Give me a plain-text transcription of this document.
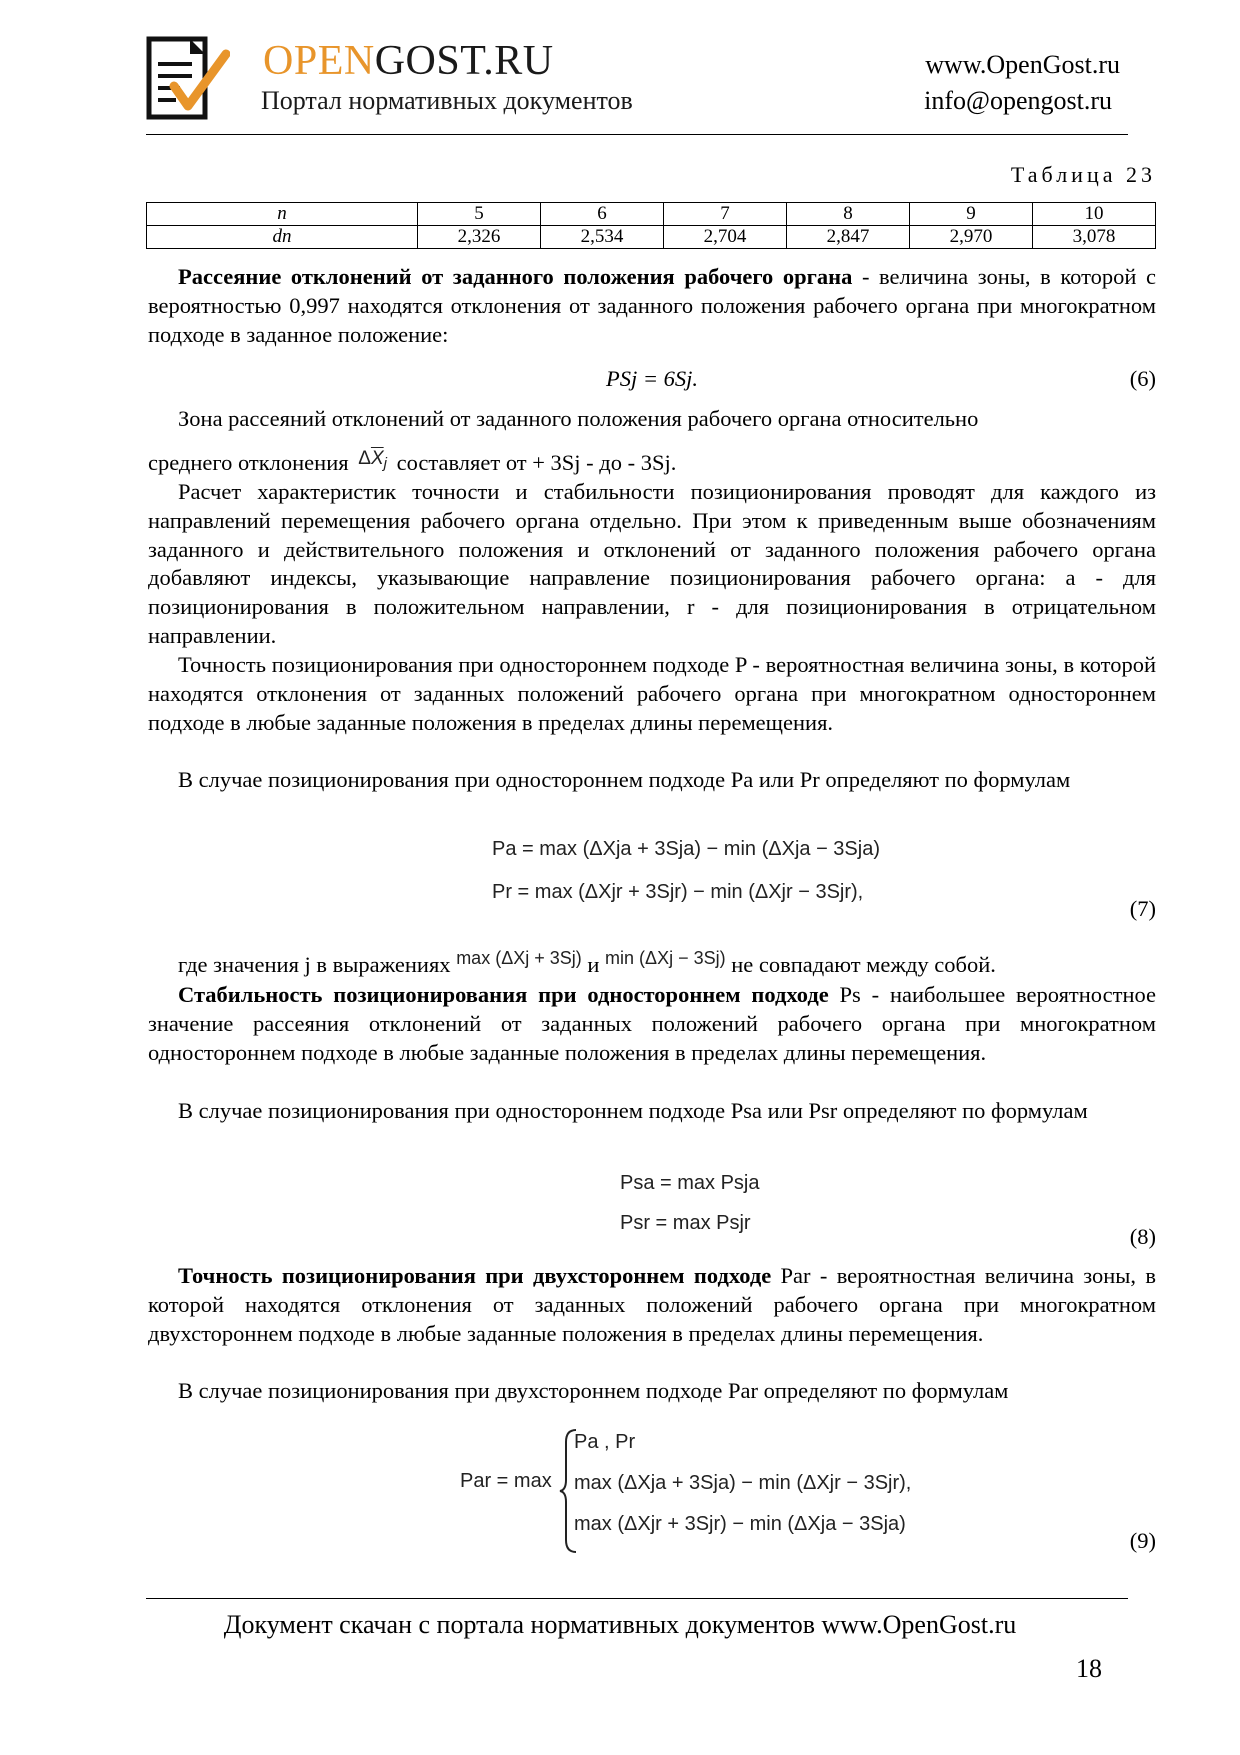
OPENGOST.RU
Портал нормативных документов
www.OpenGost.ru
info@opengost.ru
Таблица 23
n	5	6	7	8	9	10
dn	2,326	2,534	2,704	2,847	2,970	3,078
Рассеяние отклонений от заданного положения рабочего органа - величина зоны, в которой с вероятностью 0,997 находятся отклонения от заданного положения рабочего органа при многократном подходе в заданное положение:
PSj = 6Sj.	(6)
Зона рассеяний отклонений от заданного положения рабочего органа относительно
среднего отклонения $^{\Delta\overline{X}_j}$ составляет от + 3Sj - до - 3Sj.
Расчет характеристик точности и стабильности позиционирования проводят для каждого из направлений перемещения рабочего органа отдельно. При этом к приведенным выше обозначениям заданного и действительного положения и отклонений от заданного положения рабочего органа добавляют индексы, указывающие направление позиционирования рабочего органа: a - для позиционирования в положительном направлении, r - для позиционирования в отрицательном направлении.
Точность позиционирования при одностороннем подходе P - вероятностная величина зоны, в которой находятся отклонения от заданных положений рабочего органа при многократном одностороннем подходе в любые заданные положения в пределах длины перемещения.
В случае позиционирования при одностороннем подходе Pa или Pr определяют по формулам
Pa = max (ΔXja + 3Sja) − min (ΔXja − 3Sja)
Pr = max (ΔXjr + 3Sjr) − min (ΔXjr − 3Sjr),
(7)
где значения j в выражениях $^{max (\Delta Xj + 3Sj)}$ и $^{min (\Delta Xj - 3Sj)}$ не совпадают между собой.
Стабильность позиционирования при одностороннем подходе Ps - наибольшее вероятностное значение рассеяния отклонений от заданных положений рабочего органа при многократном одностороннем подходе в любые заданные положения в пределах длины перемещения.
В случае позиционирования при одностороннем подходе Psa или Psr определяют по формулам
Psa = max Psja
Psr = max Psjr
(8)
Точность позиционирования при двухстороннем подходе Par - вероятностная величина зоны, в которой находятся отклонения от заданных положений рабочего органа при многократном двухстороннем подходе в любые заданные положения в пределах длины перемещения.
В случае позиционирования при двухстороннем подходе Par определяют по формулам
Par = max
Pa , Pr
max (ΔXja + 3Sja) − min (ΔXjr − 3Sjr),
max (ΔXjr + 3Sjr) − min (ΔXja − 3Sja)
(9)
Документ скачан с портала нормативных документов www.OpenGost.ru
18
